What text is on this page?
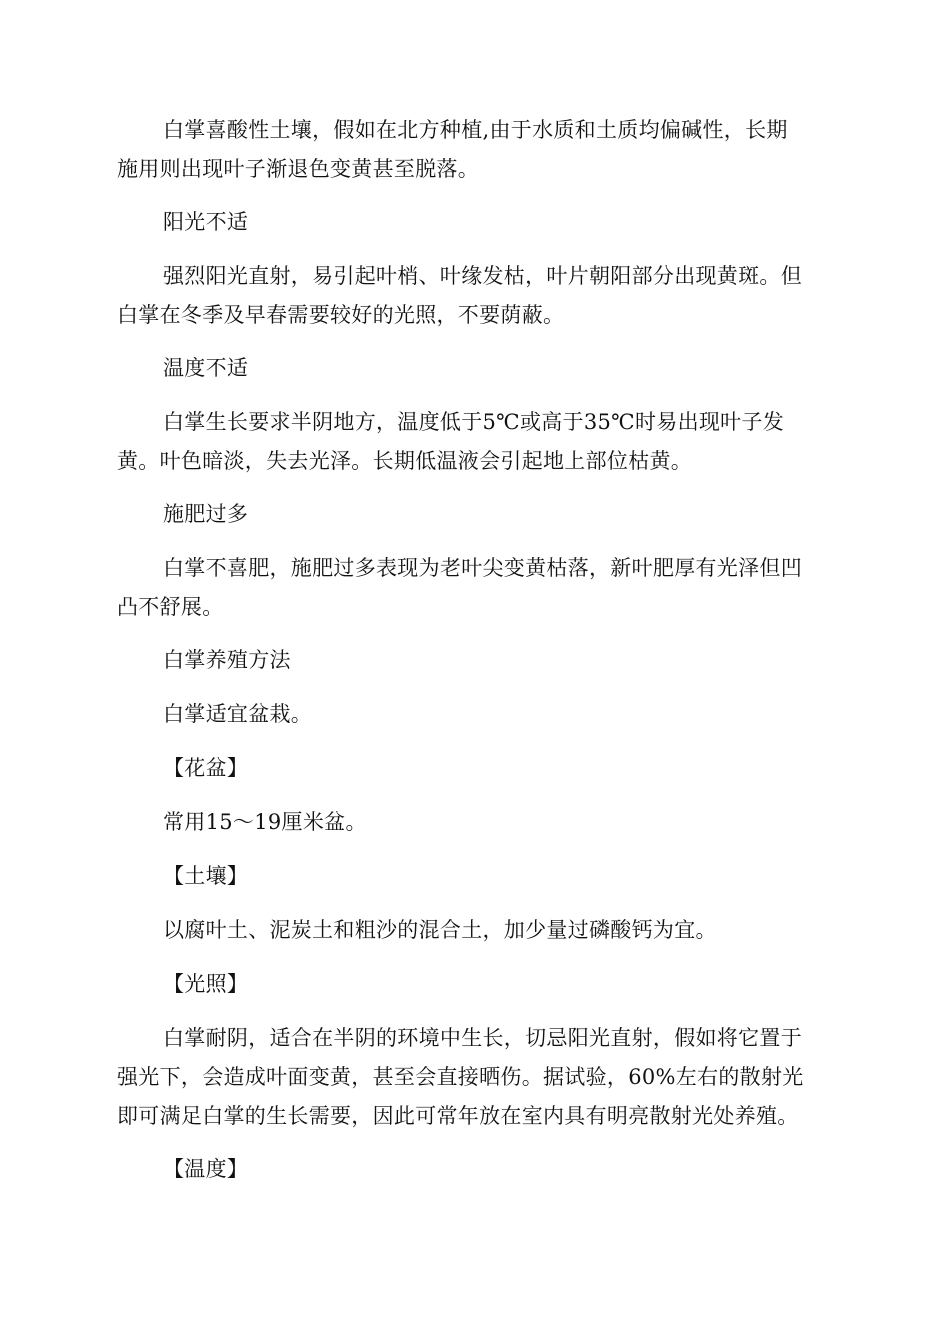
白掌喜酸性土壤，假如在北方种植,由于水质和土质均偏碱性，长期
施用则出现叶子渐退色变黄甚至脱落。

阳光不适

强烈阳光直射，易引起叶梢、叶缘发枯，叶片朝阳部分出现黄斑。但
白掌在冬季及早春需要较好的光照，不要荫蔽。

温度不适

白掌生长要求半阴地方，温度低于5℃或高于35℃时易出现叶子发
黄。叶色暗淡，失去光泽。长期低温液会引起地上部位枯黄。

施肥过多

白掌不喜肥，施肥过多表现为老叶尖变黄枯落，新叶肥厚有光泽但凹
凸不舒展。

白掌养殖方法

白掌适宜盆栽。

【花盆】

常用15～19厘米盆。

【土壤】

以腐叶土、泥炭土和粗沙的混合土，加少量过磷酸钙为宜。

【光照】

白掌耐阴，适合在半阴的环境中生长，切忌阳光直射，假如将它置于
强光下，会造成叶面变黄，甚至会直接晒伤。据试验，60%左右的散射光
即可满足白掌的生长需要，因此可常年放在室内具有明亮散射光处养殖。

【温度】
